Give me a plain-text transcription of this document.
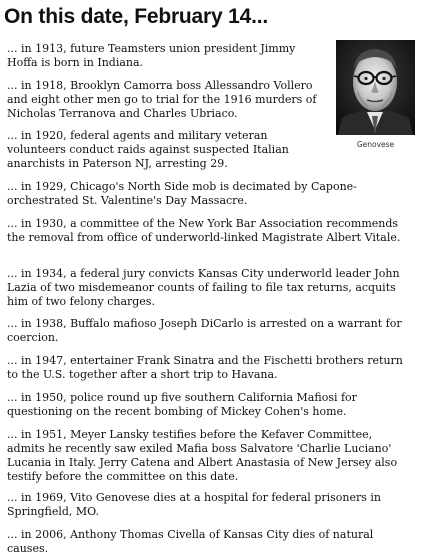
On this date, February 14...
Genovese
... in 1913, future Teamsters union president Jimmy Hoffa is born in Indiana.
... in 1918, Brooklyn Camorra boss Allessandro Vollero and eight other men go to trial for the 1916 murders of Nicholas Terranova and Charles Ubriaco.
... in 1920, federal agents and military veteran volunteers conduct raids against suspected Italian anarchists in Paterson NJ, arresting 29.
... in 1929, Chicago's North Side mob is decimated by Capone-orchestrated St. Valentine's Day Massacre.
... in 1930, a committee of the New York Bar Association recommends the removal from office of underworld-linked Magistrate Albert Vitale.
... in 1934, a federal jury convicts Kansas City underworld leader John Lazia of two misdemeanor counts of failing to file tax returns, acquits him of two felony charges.
... in 1938, Buffalo mafioso Joseph DiCarlo is arrested on a warrant for coercion.
... in 1947, entertainer Frank Sinatra and the Fischetti brothers return to the U.S. together after a short trip to Havana.
... in 1950, police round up five southern California Mafiosi for questioning on the recent bombing of Mickey Cohen's home.
... in 1951, Meyer Lansky testifies before the Kefaver Committee, admits he recently saw exiled Mafia boss Salvatore 'Charlie Luciano' Lucania in Italy. Jerry Catena and Albert Anastasia of New Jersey also testify before the committee on this date.
... in 1969, Vito Genovese dies at a hospital for federal prisoners in Springfield, MO.
... in 2006, Anthony Thomas Civella of Kansas City dies of natural causes.
